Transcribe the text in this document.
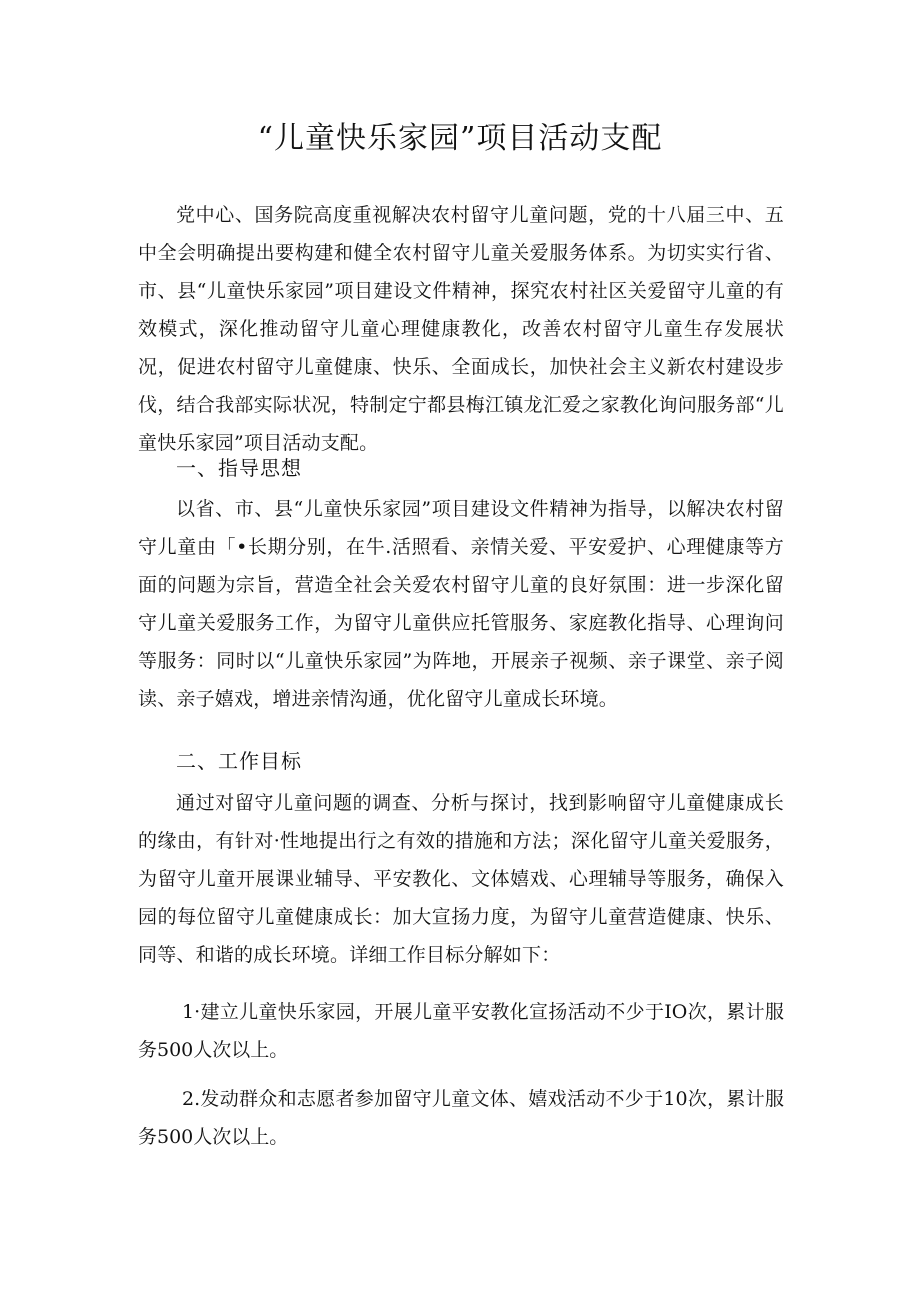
“儿童快乐家园”项目活动支配

党中心、国务院高度重视解决农村留守儿童问题，党的十八届三中、五中全会明确提出要构建和健全农村留守儿童关爱服务体系。为切实实行省、市、县“儿童快乐家园”项目建设文件精神，探究农村社区关爱留守儿童的有效模式，深化推动留守儿童心理健康教化，改善农村留守儿童生存发展状况，促进农村留守儿童健康、快乐、全面成长，加快社会主义新农村建设步伐，结合我部实际状况，特制定宁都县梅江镇龙汇爱之家教化询问服务部“儿童快乐家园”项目活动支配。

一、指导思想

以省、市、县“儿童快乐家园”项目建设文件精神为指导，以解决农村留守儿童由「•长期分别，在牛.活照看、亲情关爱、平安爱护、心理健康等方面的问题为宗旨，营造全社会关爱农村留守儿童的良好氛围：进一步深化留守儿童关爱服务工作，为留守儿童供应托管服务、家庭教化指导、心理询问等服务：同时以“儿童快乐家园”为阵地，开展亲子视频、亲子课堂、亲子阅读、亲子嬉戏，增进亲情沟通，优化留守儿童成长环境。

二、工作目标

通过对留守儿童问题的调查、分析与探讨，找到影响留守儿童健康成长的缘由，有针对·性地提出行之有效的措施和方法；深化留守儿童关爱服务，为留守儿童开展课业辅导、平安教化、文体嬉戏、心理辅导等服务，确保入园的每位留守儿童健康成长：加大宣扬力度，为留守儿童营造健康、快乐、同等、和谐的成长环境。详细工作目标分解如下：

1·建立儿童快乐家园，开展儿童平安教化宣扬活动不少于IO次，累计服务500人次以上。

2.发动群众和志愿者参加留守儿童文体、嬉戏活动不少于10次，累计服务500人次以上。
